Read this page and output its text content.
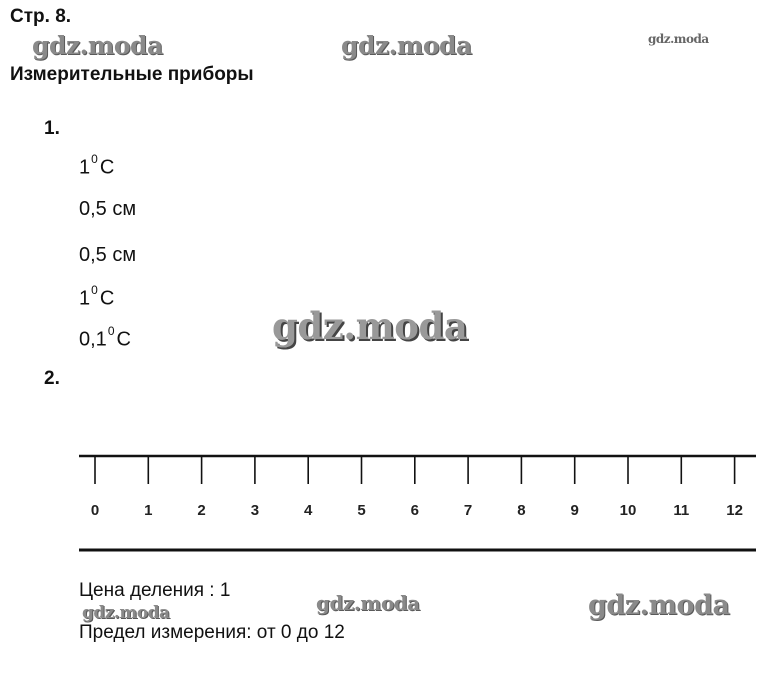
Стр. 8.
Измерительные приборы
gdz.moda	gdz.moda	gdz.moda
1.
$1^0$ C
0,5 см
0,5 см
$1^0$ C
$0,1^0$ C	gdz.moda
2.
0	1	2	3	4	5	6	7	8	9	10 11 12
Цена деления : 1
Предел измерения: от 0 до 12
gdz.moda	gdz.moda	gdz.moda
